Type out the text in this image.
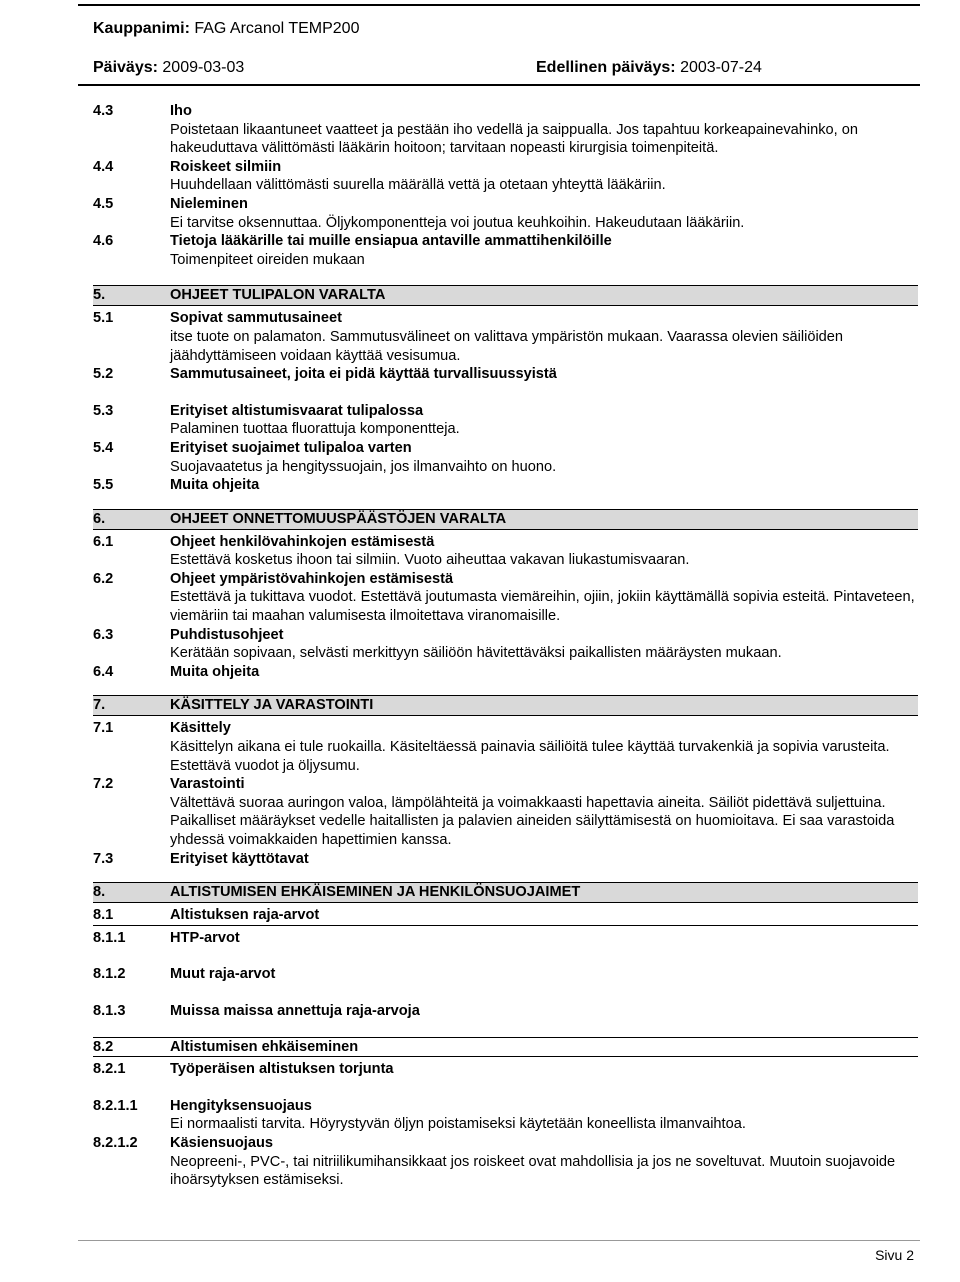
Kauppanimi: FAG Arcanol TEMP200
Päiväys: 2009-03-03	Edellinen päiväys: 2003-07-24
4.3	Iho
Poistetaan likaantuneet vaatteet ja pestään iho vedellä ja saippualla. Jos tapahtuu korkeapainevahinko, on hakeuduttava välittömästi lääkärin hoitoon; tarvitaan nopeasti kirurgisia toimenpiteitä.
4.4	Roiskeet silmiin
Huuhdellaan välittömästi suurella määrällä vettä ja otetaan yhteyttä lääkäriin.
4.5	Nieleminen
Ei tarvitse oksennuttaa. Öljykomponentteja voi joutua keuhkoihin. Hakeudutaan lääkäriin.
4.6	Tietoja lääkärille tai muille ensiapua antaville ammattihenkilöille
Toimenpiteet oireiden mukaan
5.	OHJEET TULIPALON VARALTA
5.1	Sopivat sammutusaineet
itse tuote on palamaton. Sammutusvälineet on valittava ympäristön mukaan. Vaarassa olevien säiliöiden jäähdyttämiseen voidaan käyttää vesisumua.
5.2	Sammutusaineet, joita ei pidä käyttää turvallisuussyistä
5.3	Erityiset altistumisvaarat tulipalossa
Palaminen tuottaa fluorattuja komponentteja.
5.4	Erityiset suojaimet tulipaloa varten
Suojavaatetus ja hengityssuojain, jos ilmanvaihto on huono.
5.5	Muita ohjeita
6.	OHJEET ONNETTOMUUSPÄÄSTÖJEN VARALTA
6.1	Ohjeet henkilövahinkojen estämisestä
Estettävä kosketus ihoon tai silmiin. Vuoto aiheuttaa vakavan liukastumisvaaran.
6.2	Ohjeet ympäristövahinkojen estämisestä
Estettävä ja tukittava vuodot. Estettävä joutumasta viemäreihin, ojiin, jokiin käyttämällä sopivia esteitä. Pintaveteen, viemäriin tai maahan valumisesta ilmoitettava viranomaisille.
6.3	Puhdistusohjeet
Kerätään sopivaan, selvästi merkittyyn säiliöön hävitettäväksi paikallisten määräysten mukaan.
6.4	Muita ohjeita
7.	KÄSITTELY JA VARASTOINTI
7.1	Käsittely
Käsittelyn aikana ei tule ruokailla. Käsiteltäessä painavia säiliöitä tulee käyttää turvakenkiä ja sopivia varusteita. Estettävä vuodot ja öljysumu.
7.2	Varastointi
Vältettävä suoraa auringon valoa, lämpölähteitä ja voimakkaasti hapettavia aineita. Säiliöt pidettävä suljettuina. Paikalliset määräykset vedelle haitallisten ja palavien aineiden säilyttämisestä on huomioitava. Ei saa varastoida yhdessä voimakkaiden hapettimien kanssa.
7.3	Erityiset käyttötavat
8.	ALTISTUMISEN EHKÄISEMINEN JA HENKILÖNSUOJAIMET
8.1	Altistuksen raja-arvot
8.1.1	HTP-arvot
8.1.2	Muut raja-arvot
8.1.3	Muissa maissa annettuja raja-arvoja
8.2	Altistumisen ehkäiseminen
8.2.1	Työperäisen altistuksen torjunta
8.2.1.1 Hengityksensuojaus
Ei normaalisti tarvita. Höyrystyvän öljyn poistamiseksi käytetään koneellista ilmanvaihtoa.
8.2.1.2 Käsiensuojaus
Neopreeni-, PVC-, tai nitriilikumihansikkaat jos roiskeet ovat mahdollisia ja jos ne soveltuvat. Muutoin suojavoide ihoärsytyksen estämiseksi.
Sivu 2
